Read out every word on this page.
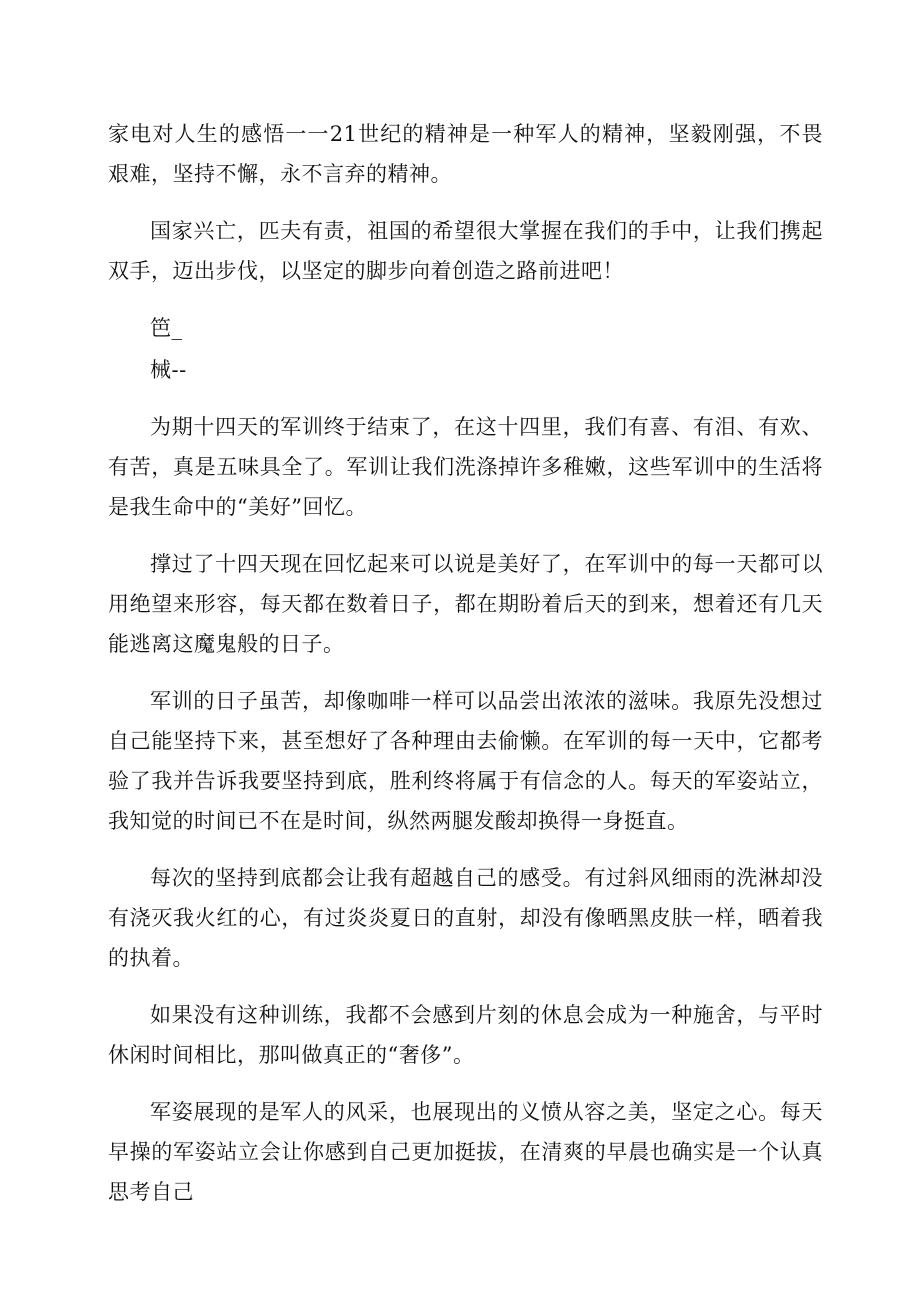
家电对人生的感悟一一21世纪的精神是一种军人的精神，坚毅刚强，不畏艰难，坚持不懈，永不言弃的精神。

国家兴亡，匹夫有责，祖国的希望很大掌握在我们的手中，让我们携起双手，迈出步伐，以坚定的脚步向着创造之路前进吧！

笆_

械--

为期十四天的军训终于结束了，在这十四里，我们有喜、有泪、有欢、有苦，真是五味具全了。军训让我们洗涤掉许多稚嫩，这些军训中的生活将是我生命中的“美好”回忆。

撑过了十四天现在回忆起来可以说是美好了，在军训中的每一天都可以用绝望来形容，每天都在数着日子，都在期盼着后天的到来，想着还有几天能逃离这魔鬼般的日子。

军训的日子虽苦，却像咖啡一样可以品尝出浓浓的滋味。我原先没想过自己能坚持下来，甚至想好了各种理由去偷懒。在军训的每一天中，它都考验了我并告诉我要坚持到底，胜利终将属于有信念的人。每天的军姿站立，我知觉的时间已不在是时间，纵然两腿发酸却换得一身挺直。

每次的坚持到底都会让我有超越自己的感受。有过斜风细雨的洗淋却没有浇灭我火红的心，有过炎炎夏日的直射，却没有像晒黑皮肤一样，晒着我的执着。

如果没有这种训练，我都不会感到片刻的休息会成为一种施舍，与平时休闲时间相比，那叫做真正的“奢侈”。

军姿展现的是军人的风采，也展现出的义愤从容之美，坚定之心。每天早操的军姿站立会让你感到自己更加挺拔，在清爽的早晨也确实是一个认真思考自己
